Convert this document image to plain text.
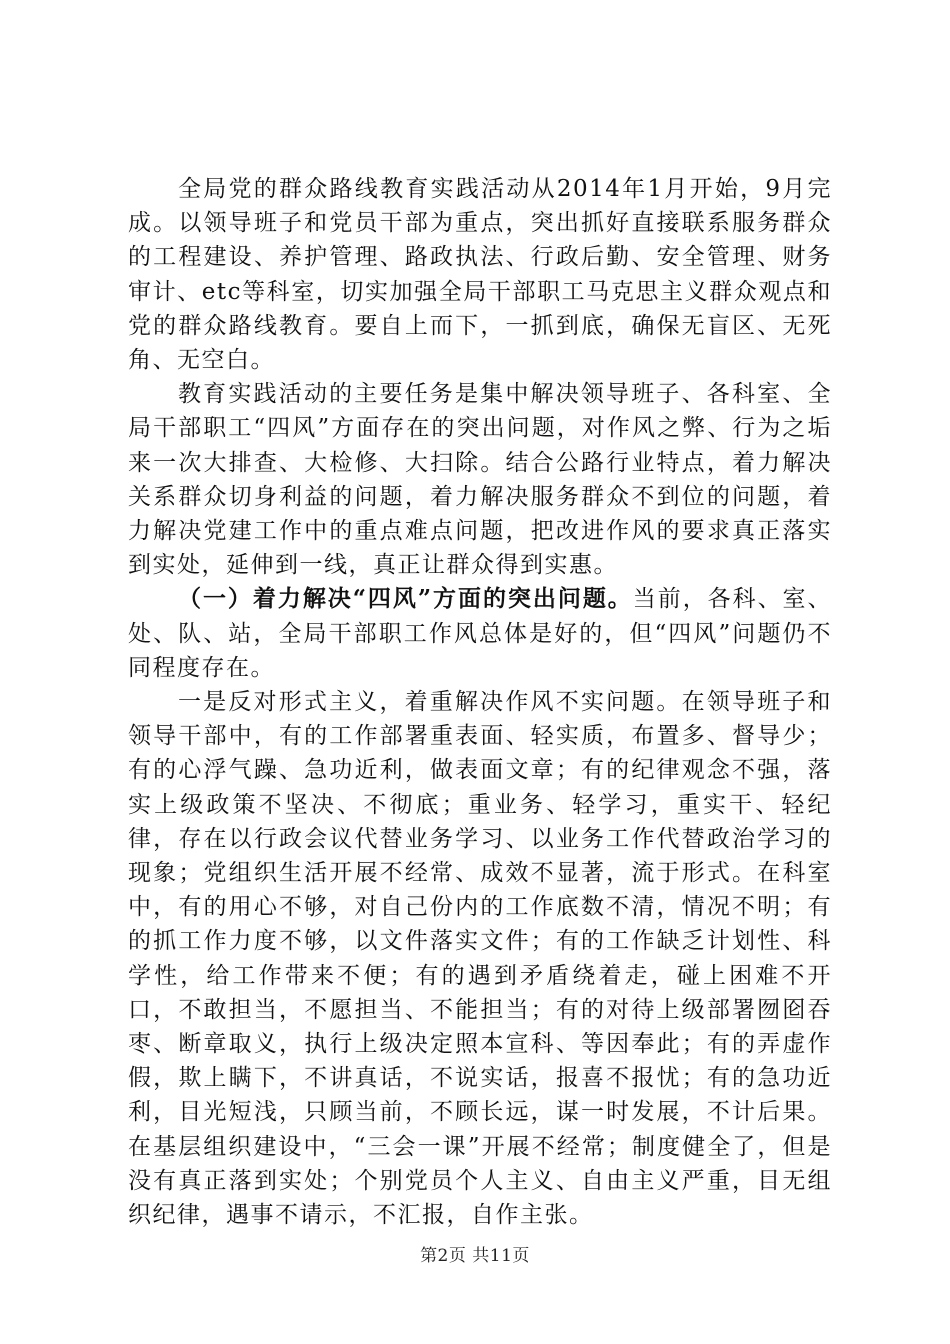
全局党的群众路线教育实践活动从2014年1月开始，9月完成。以领导班子和党员干部为重点，突出抓好直接联系服务群众的工程建设、养护管理、路政执法、行政后勤、安全管理、财务审计、etc等科室，切实加强全局干部职工马克思主义群众观点和党的群众路线教育。要自上而下，一抓到底，确保无盲区、无死角、无空白。

教育实践活动的主要任务是集中解决领导班子、各科室、全局干部职工“四风”方面存在的突出问题，对作风之弊、行为之垢来一次大排查、大检修、大扫除。结合公路行业特点，着力解决关系群众切身利益的问题，着力解决服务群众不到位的问题，着力解决党建工作中的重点难点问题，把改进作风的要求真正落实到实处，延伸到一线，真正让群众得到实惠。

（一）着力解决“四风”方面的突出问题。当前，各科、室、处、队、站，全局干部职工作风总体是好的，但“四风”问题仍不同程度存在。

一是反对形式主义，着重解决作风不实问题。在领导班子和领导干部中，有的工作部署重表面、轻实质，布置多、督导少；有的心浮气躁、急功近利，做表面文章；有的纪律观念不强，落实上级政策不坚决、不彻底；重业务、轻学习，重实干、轻纪律，存在以行政会议代替业务学习、以业务工作代替政治学习的现象；党组织生活开展不经常、成效不显著，流于形式。在科室中，有的用心不够，对自己份内的工作底数不清，情况不明；有的抓工作力度不够，以文件落实文件；有的工作缺乏计划性、科学性，给工作带来不便；有的遇到矛盾绕着走，碰上困难不开口，不敢担当，不愿担当、不能担当；有的对待上级部署囫囵吞枣、断章取义，执行上级决定照本宣科、等因奉此；有的弄虚作假，欺上瞒下，不讲真话，不说实话，报喜不报忧；有的急功近利，目光短浅，只顾当前，不顾长远，谋一时发展，不计后果。在基层组织建设中，“三会一课”开展不经常；制度健全了，但是没有真正落到实处；个别党员个人主义、自由主义严重，目无组织纪律，遇事不请示，不汇报，自作主张。

第2页 共11页
